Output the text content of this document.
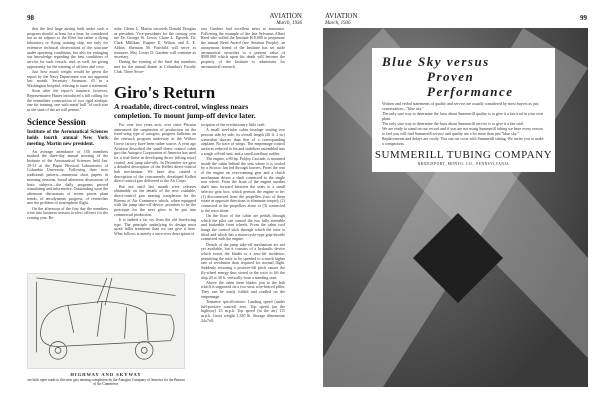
98	AVIATION
March, 1936

that the first large airship built under such a program should, at least for a time, be considered not as an adjunct to the Fleet but rather a flying laboratory or flying training ship, not only for extensive technical observations of the structure under operating conditions, but also for enlarging our knowledge regarding the best conditions of service for such vessels, and, as well, for giving opportunity for the training of officers and crew.

Just how much weight would be given the report by the Navy Department was not apparent last month. Secretary Swanson, ill in a Washington hospital, refusing to issue a statement.

Soon after the report's issuance, however, Representative Harter introduced a bill calling for the immediate construction of two rigid airships, one for training, one with metal hull "of such size as the state of the art will permit."

Science Session
Institute of the Aeronautical Sciences holds fourth annual New York meeting. Martin new president.

An average attendance of 150 members marked the three-day annual meeting of the Institute of the Aeronautical Sciences held Jan. 29-31 at the Pupin Physical Laboratories of Columbia University. Following their now traditional pattern—numerous short papers in morning sessions, broad afternoon discussions of basic subjects—the daily programs proved stimulating and informative. Outstanding were the afternoon discussions of recent power plant trends, of aerodynamic progress, of researches into the problem of stratosphere flight.

On the afternoon of the first day the members went into business session to elect officers for the coming year. Re-

sults: Glenn L. Martin succeeds Donald Douglas as president. Vice-presidents for the coming year are Dr. George W. Lewis, Claire L. Egtvedt, Dr. Clark Millikan, Eugene E. Wilson and E. E. Aldrin. Sherman M. Fairchild will serve as treasurer. Maj. Lester D. Gardner will continue as secretary.

During the evening of the final day members met for the annual dinner at Columbia's Faculty Club. There Secre-

tary Gardner had excellent news to announce. Following the example of the late Sylvanus Albert Reed who willed the Institute $10,000 to perpetuate the annual Reed Award (see Aviation People), an anonymous friend of the Institute has set aside aeronautical securities to a present value of $500,000 which upon his death will become the property of the Institute to administer for aeronautical research.

Giro's Return
A roadable, direct-control, wingless nears completion. To mount jump-off device later.

For over two years now, ever since Pitcairn announced the suspension of production on the fixed-wing type of autogiro, progress bulletins on the research program underway at the Willow Grove factory have been rather scarce. A year ago Aviation described the small direct control cabin giro the Autogiro Corporation of America has used for a trial-horse in developing direct (tilting rotor) control, and jump take-offs. In December we gave a detailed description of the Kellett direct-control hub mechanism. We have also carried a description of the concurrently developed Kellett direct-control giro delivered to the Air Corps.

But not until last month were releases obtainable on the details of the new roadable, direct-control giro nearing completion for the Bureau of Air Commerce which, when equipped with the jump take-off device, promises to be the prototype for the next giros to be put into commercial production.

It is indeed a far cry from the old fixed-wing type. The principle underlying its design must await fuller treatment than we can give it here. What follows is merely a once-over description of

scription of the revolutionary little craft.

A small steel-tube cabin fuselage seating two persons side by side, its overall length (20 ft. 2 in.) somewhat shorter than that of a corresponding airplane. No trace of wings. The empennage control surfaces reduced to fin and stabilizer assembled into a single off-tail unit, and a small auxiliary rudder.

The engine, a 90 hp. Pobjoy Cascade, is mounted inside the cabin behind the seat where it is cooled by a Sirocco fan fed through louvres. From the rear of the engine an over-running gear and a clutch mechanism drives a shaft connected to the single rear wheel. From the front of the engine another shaft runs forward between the seats to a small selector gear box, which permits the engine to be: (1) disconnected from the propellers (two of them rotate in opposite directions to eliminate torque); (2) connected to the propellers alone or (3) connected to the rotor alone.

On the floor of the cabin are pedals through which the pilot can control the two fully steerable and brakeable front wheels. From the cabin roof hangs the control stick through which the rotor is tilted and which has a motorcycle-type grip-throttle connected with the engine.

Details of the jump take-off mechanism are not yet available, but it consists of a hydraulic device which twists the blades to a zero-lift incidence, permitting the rotor to be speeded to a much higher rate of revolution than required for normal flight. Suddenly restoring a positive-lift pitch causes the fly-wheel energy thus stored in the rotor to lift the ship 20 to 30 ft. vertically from a standing start.

Above the cabin three blades join to the hub which is supported on a two-strut wire-braced pillar. They can be easily folded and cradled on the empennage.

Tentative specifications: Landing speed (under full-positive control) zero. Top speed (on the highway) 25 m.p.h. Top speed (in the air) 115 m.p.h. Gross weight 1,350 lb. Storage dimensions 24x7x8.

HIGHWAY AND SKYWAY
are both open roads to this new giro nearing completion by the Autogiro Company of America for the Bureau of Air Commerce.
AVIATION
March, 1936
99
Blue Sky versus
Proven Performance

Written and verbal statements of quality and service are usually considered by most buyers as just conversation—"blue sky."

The only sure way to determine the facts about Summerill quality is to give it a fair trial in your own plant.

The only sure way to determine the facts about Summerill service is to give it a fair trial.

We are ready to stand on our record and if you are not using Summerill tubing we have every reason to feel you will find Summerill service and quality are a lot more than just "blue sky."

Replacements and delays are costly. You can cut costs with Summerill tubing. We invite you to make a comparison.

SUMMERILL TUBING COMPANY
BRIDGEPORT, MONTG. CO., PENNSYLVANIA
